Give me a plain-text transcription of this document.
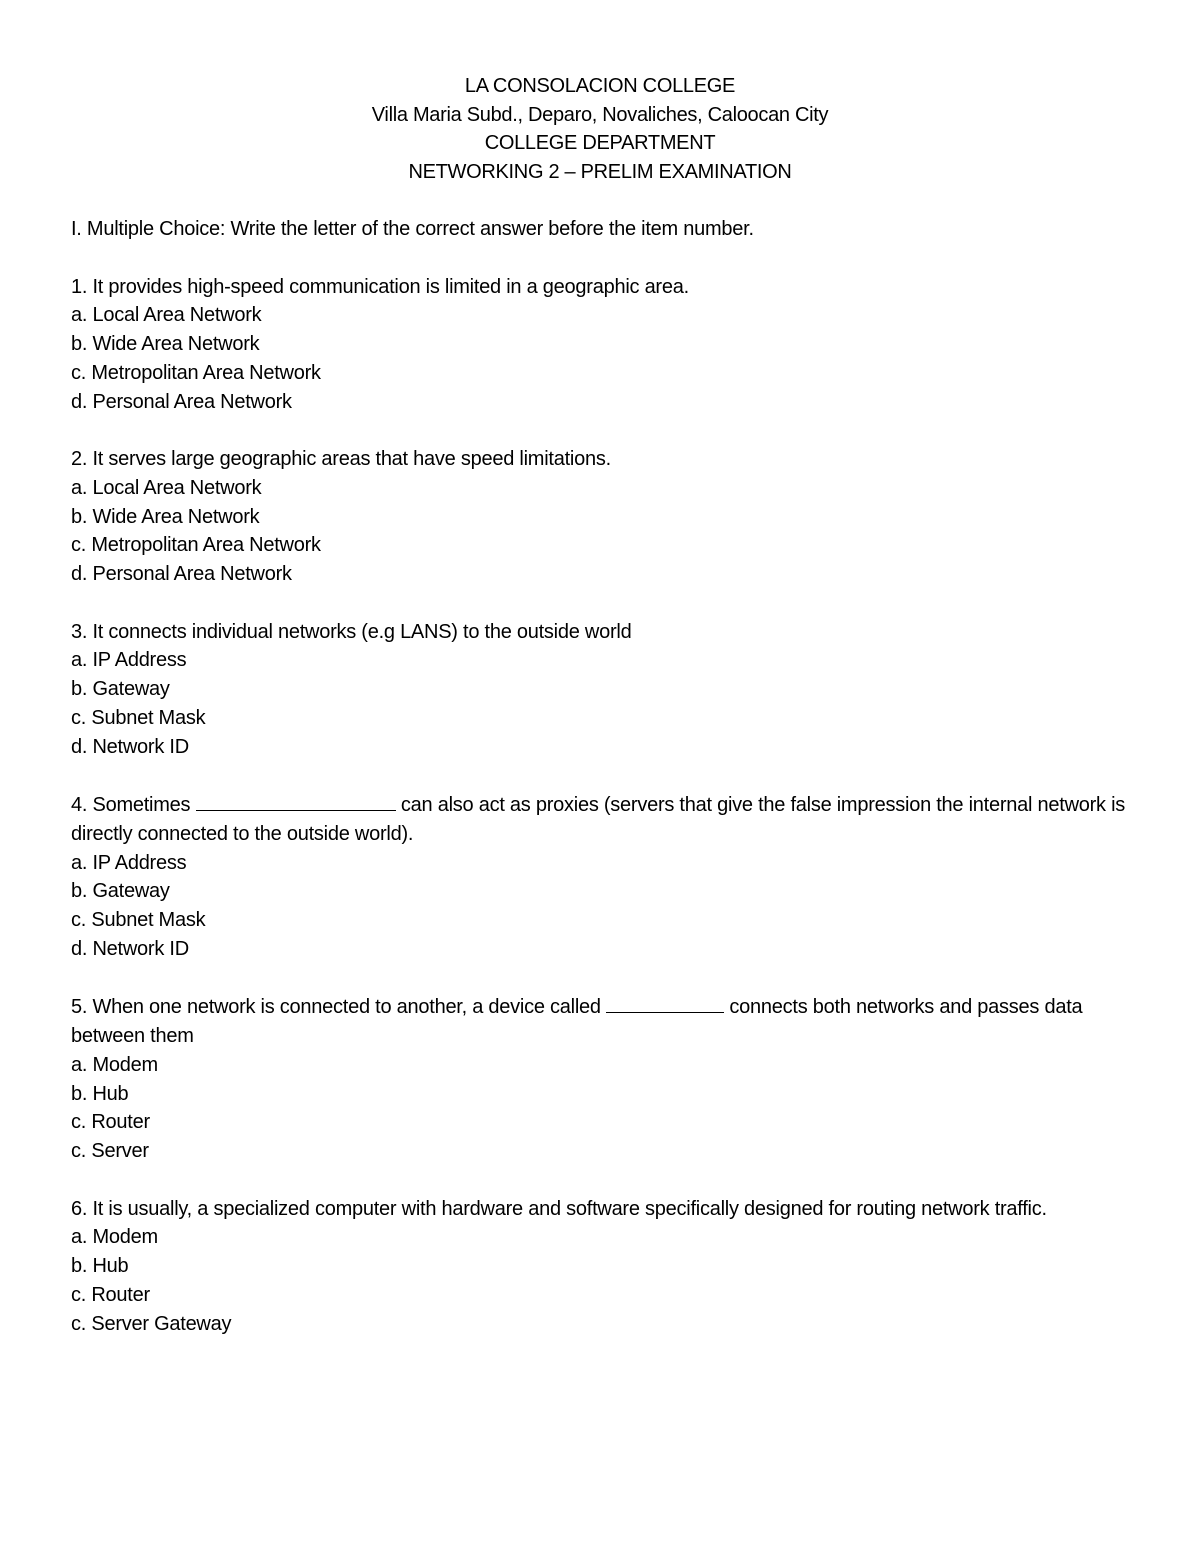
LA CONSOLACION COLLEGE
Villa Maria Subd., Deparo, Novaliches, Caloocan City
COLLEGE DEPARTMENT
NETWORKING 2 – PRELIM EXAMINATION
I. Multiple Choice: Write the letter of the correct answer before the item number.
1. It provides high-speed communication is limited in a geographic area.
a. Local Area Network
b. Wide Area Network
c. Metropolitan Area Network
d. Personal Area Network
2. It serves large geographic areas that have speed limitations.
a. Local Area Network
b. Wide Area Network
c. Metropolitan Area Network
d. Personal Area Network
3. It connects individual networks (e.g LANS) to the outside world
a. IP Address
b. Gateway
c. Subnet Mask
d. Network ID
4. Sometimes	can also act as proxies (servers that give the false impression the internal network is directly connected to the outside world).
a. IP Address
b. Gateway
c. Subnet Mask
d. Network ID
5. When one network is connected to another, a device called	connects both networks and passes data between them
a. Modem
b. Hub
c. Router
c. Server
6. It is usually, a specialized computer with hardware and software specifically designed for routing network traffic.
a. Modem
b. Hub
c. Router
c. Server Gateway
